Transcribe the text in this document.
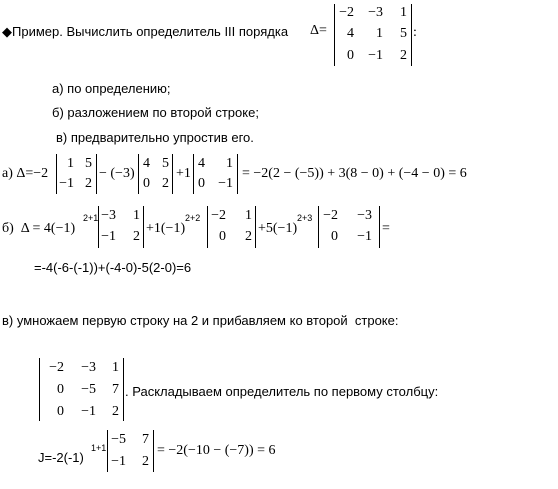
◆ Пример. Вычислить определитель III порядка Δ=
−2 −3	1
4	1	5
0 −1	2
:
а) по определению;
б) разложением по второй строке;
в) предварительно упростив его.
а) Δ=−2
1 5
−1 2
− (−3)
4 5
0 2
+1
4	1
0 −1
= −2(2 − (−5)) + 3(8 − 0) + (−4 − 0) = 6
б)  Δ = 4(−1)
2+1 −3	1
−1	2
+1(−1)
2+2 −2	1
0	2
+5(−1)
2+3 −2 −3
0 −1
=
=-4(-6-(-1))+(-4-0)-5(2-0)=6
в) умножаем первую строку на 2 и прибавляем ко второй  строке:
−2 −3	1
0 −5	7
0 −1	2
. Раскладываем определитель по первому столбцу:
J=-2(-1)
1+1
−5	7
−1	2
= −2(−10 − (−7)) = 6
